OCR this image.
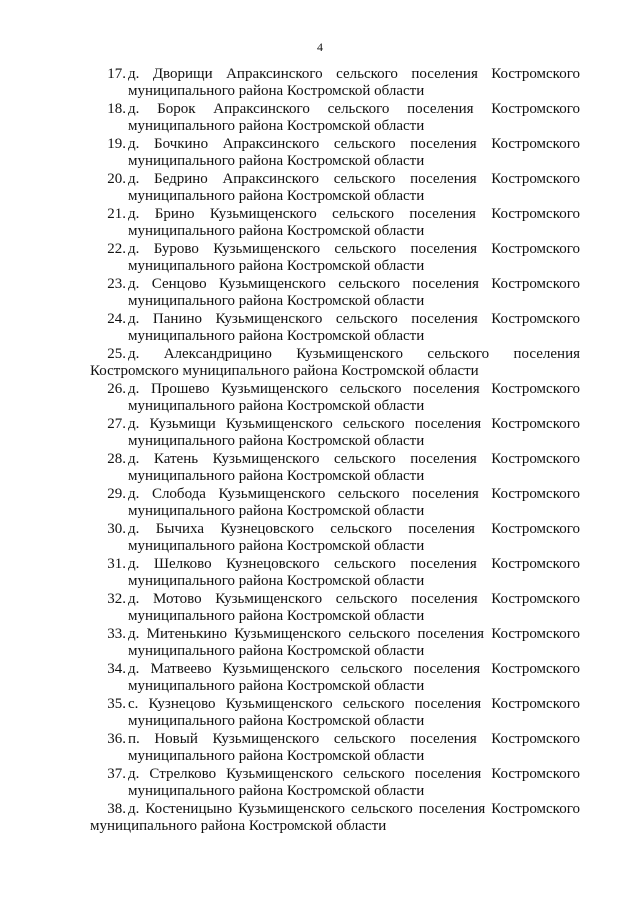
4
17. д. Дворищи Апраксинского сельского поселения Костромского муниципального района Костромской области
18. д. Борок Апраксинского сельского поселения Костромского муниципального района Костромской области
19. д. Бочкино Апраксинского сельского поселения Костромского муниципального района Костромской области
20. д. Бедрино Апраксинского сельского поселения Костромского муниципального района Костромской области
21. д. Брино Кузьмищенского сельского поселения Костромского муниципального района Костромской области
22. д. Бурово Кузьмищенского сельского поселения Костромского муниципального района Костромской области
23. д. Сенцово Кузьмищенского сельского поселения Костромского муниципального района Костромской области
24. д. Панино Кузьмищенского сельского поселения Костромского муниципального района Костромской области
25. д. Александрицино Кузьмищенского сельского поселения Костромского муниципального района Костромской области
26. д. Прошево Кузьмищенского сельского поселения Костромского муниципального района Костромской области
27. д. Кузьмищи Кузьмищенского сельского поселения Костромского муниципального района Костромской области
28. д. Катень Кузьмищенского сельского поселения Костромского муниципального района Костромской области
29. д. Слобода Кузьмищенского сельского поселения Костромского муниципального района Костромской области
30. д. Бычиха Кузнецовского сельского поселения Костромского муниципального района Костромской области
31. д. Шелково Кузнецовского сельского поселения Костромского муниципального района Костромской области
32. д. Мотово Кузьмищенского сельского поселения Костромского муниципального района Костромской области
33. д. Митенькино Кузьмищенского сельского поселения Костромского муниципального района Костромской области
34. д. Матвеево Кузьмищенского сельского поселения Костромского муниципального района Костромской области
35. с. Кузнецово Кузьмищенского сельского поселения Костромского муниципального района Костромской области
36. п. Новый Кузьмищенского сельского поселения Костромского муниципального района Костромской области
37. д. Стрелково Кузьмищенского сельского поселения Костромского муниципального района Костромской области
38. д. Костеницыно Кузьмищенского сельского поселения Костромского муниципального района Костромской области
